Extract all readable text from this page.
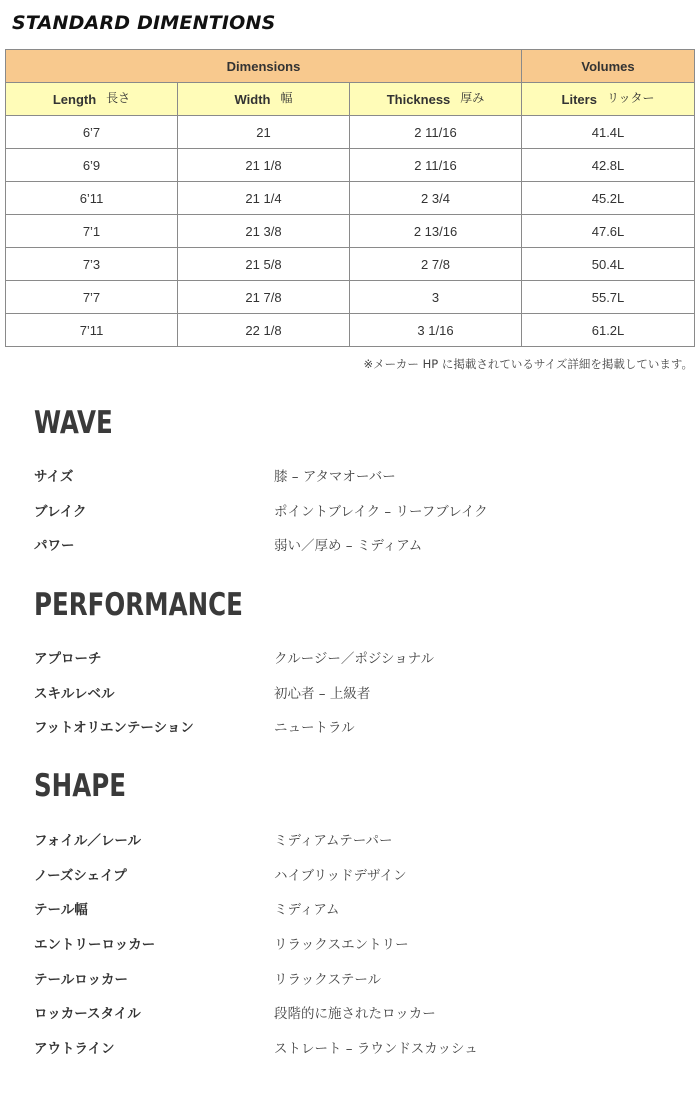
STANDARD DIMENTIONS
Dimensions			Volumes
Length 長さ	Width 幅	Thickness 厚み	Liters リッター
6’7	21	2 11/16	41.4L
6’9	21 1/8	2 11/16	42.8L
6’11	21 1/4	2 3/4	45.2L
7’1	21 3/8	2 13/16	47.6L
7’3	21 5/8	2 7/8	50.4L
7’7	21 7/8	3	55.7L
7’11	22 1/8	3 1/16	61.2L
※メーカー HP に掲載されているサイズ詳細を掲載しています。
WAVE
サイズ	膝 – アタマオーバー
ブレイク	ポイントブレイク – リーフブレイク
パワー	弱い／厚め – ミディアム
PERFORMANCE
アプローチ	クルージー／ポジショナル
スキルレベル	初心者 – 上級者
フットオリエンテーション	ニュートラル
SHAPE
フォイル／レール	ミディアムテーパー
ノーズシェイプ	ハイブリッドデザイン
テール幅	ミディアム
エントリーロッカー	リラックスエントリー
テールロッカー	リラックステール
ロッカースタイル	段階的に施されたロッカー
アウトライン	ストレート – ラウンドスカッシュ
